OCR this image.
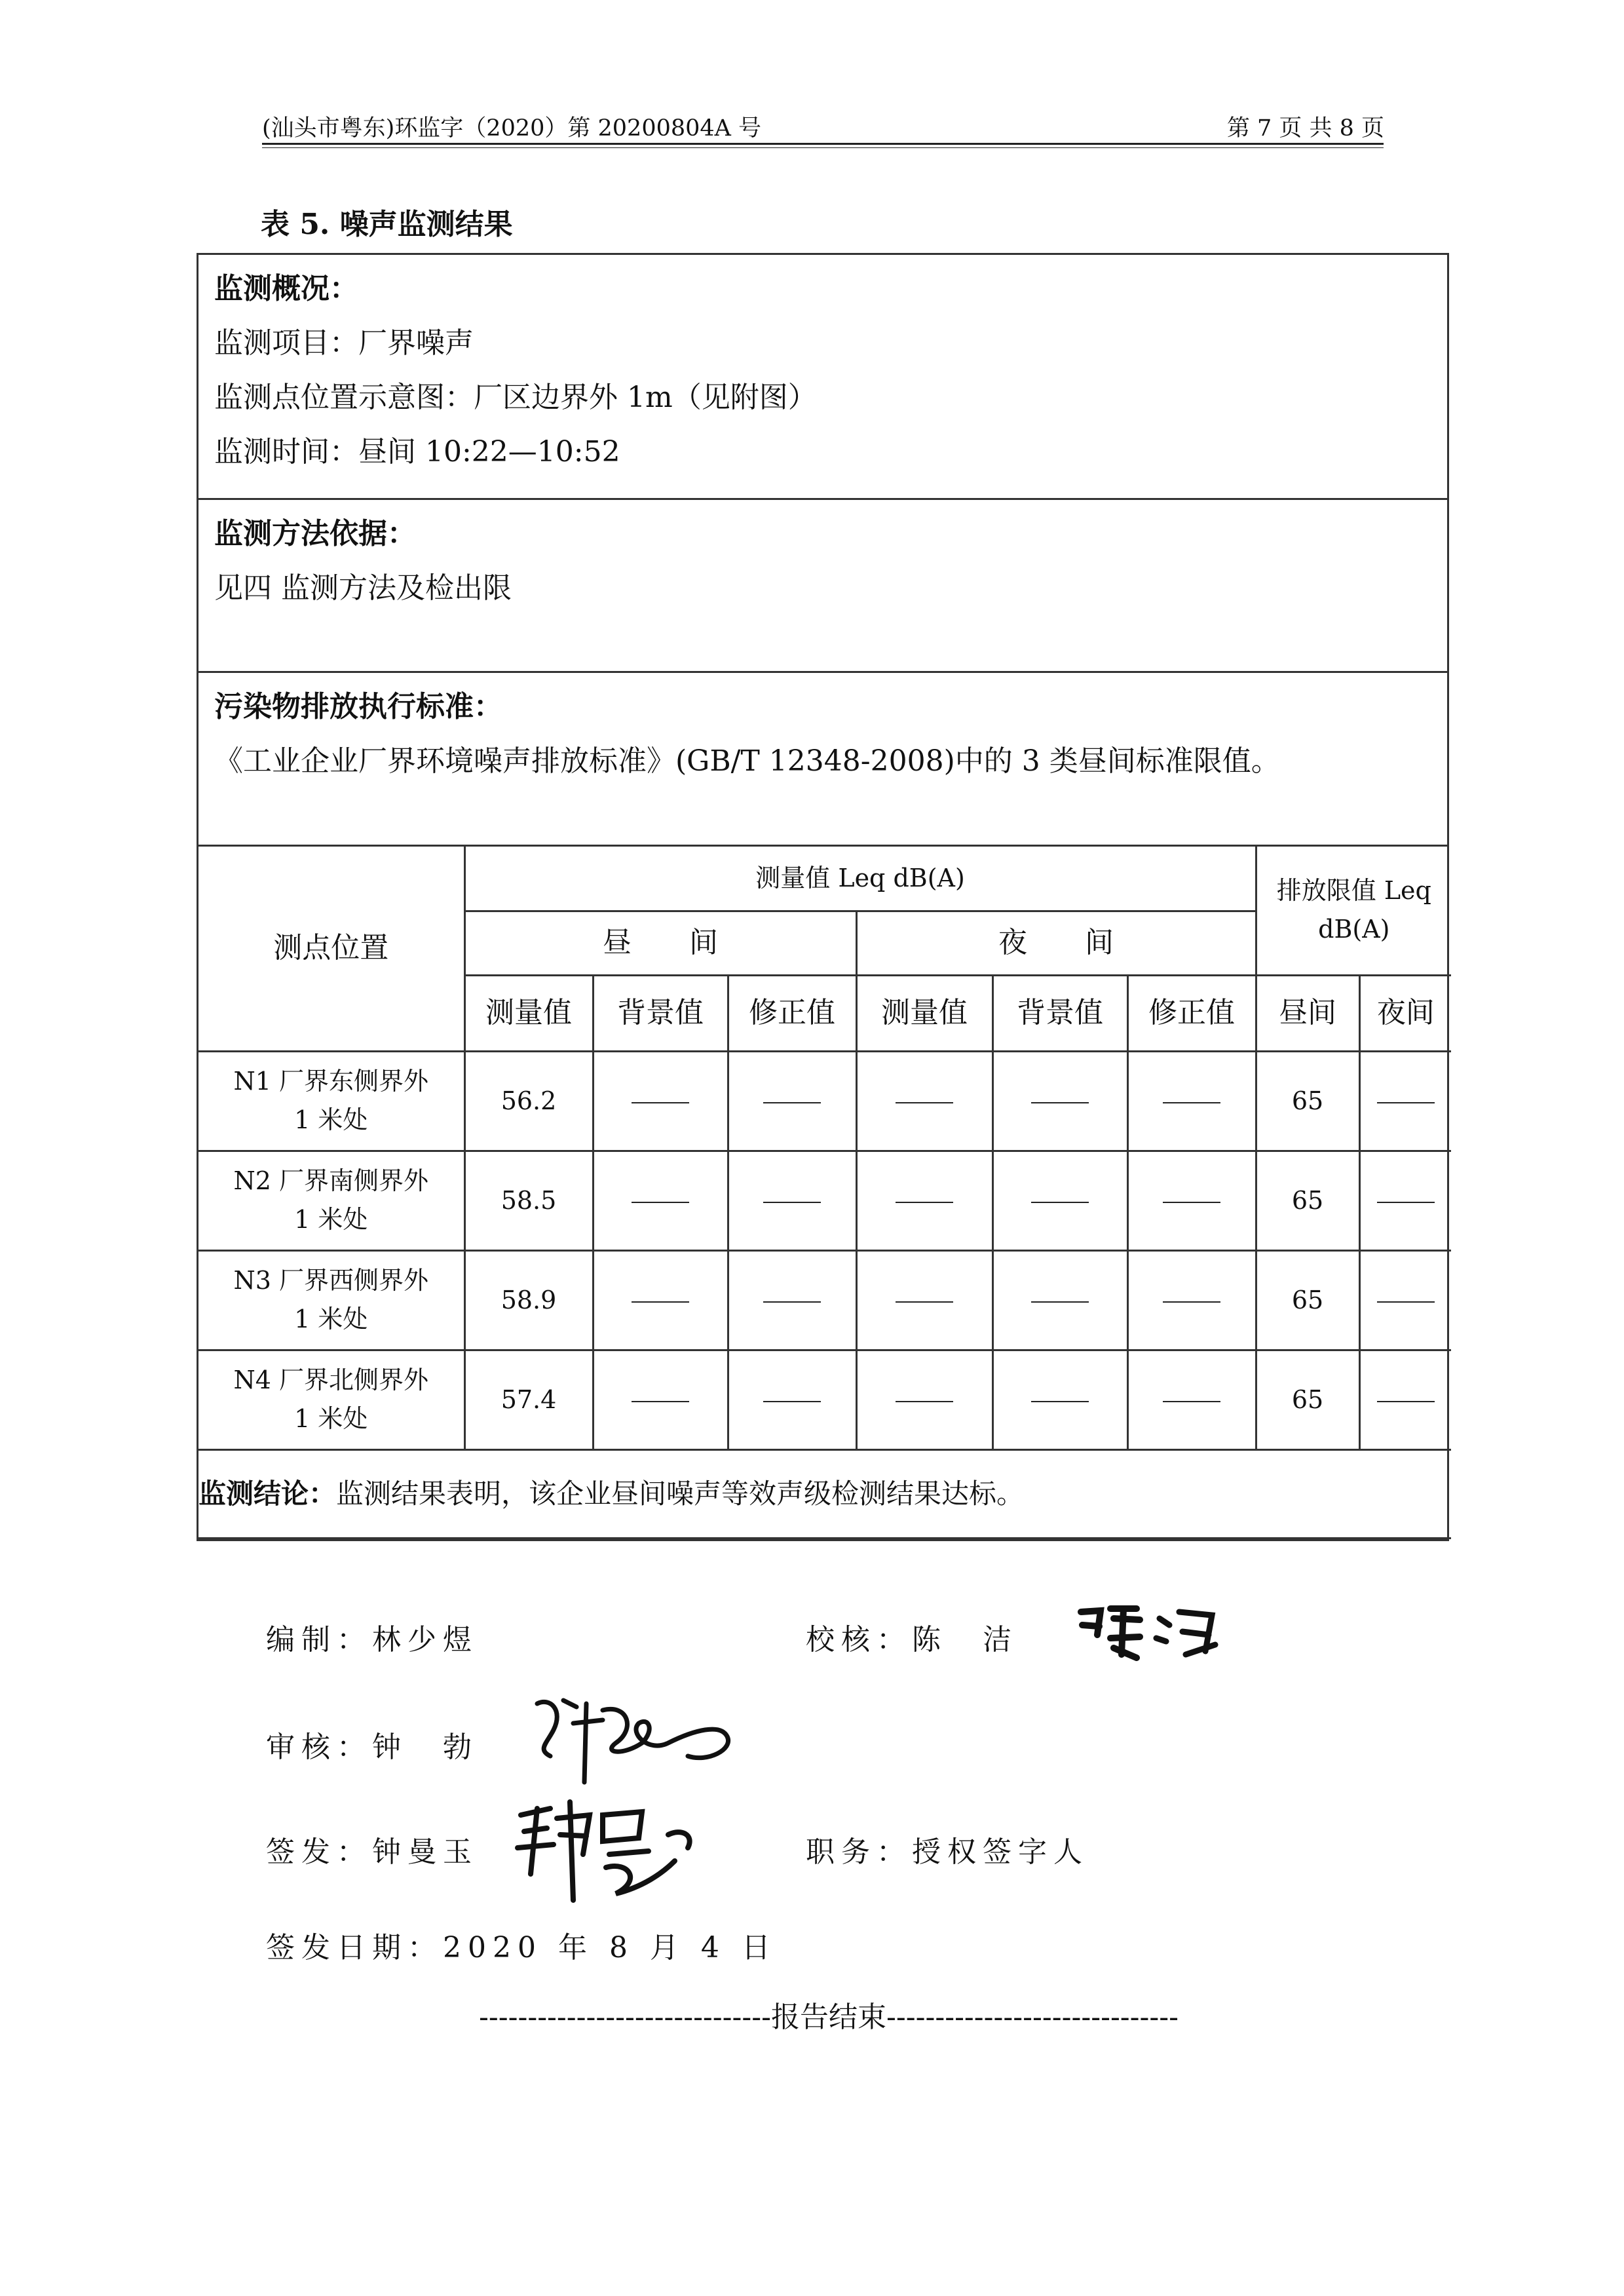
(汕头市粤东)环监字（2020）第 20200804A 号	第 7 页 共 8 页
表 5. 噪声监测结果
监测概况：
监测项目：厂界噪声
监测点位置示意图：厂区边界外 1m（见附图）
监测时间：昼间 10:22—10:52
监测方法依据：
见四 监测方法及检出限
污染物排放执行标准：
《工业企业厂界环境噪声排放标准》(GB/T 12348-2008)中的 3 类昼间标准限值。
测点位置	测量值 Leq dB(A)						排放限值 Leq dB(A)	
	昼　　间			夜　　间				
	测量值	背景值	修正值	测量值	背景值	修正值	昼间	夜间
N1 厂界东侧界外
1 米处	56.2						65	
N2 厂界南侧界外
1 米处	58.5						65	
N3 厂界西侧界外
1 米处	58.9						65	
N4 厂界北侧界外
1 米处	57.4						65	
监测结论：监测结果表明，该企业昼间噪声等效声级检测结果达标。								
编制：林少煜	校核：陈　洁
审核：钟　勃
签发：钟曼玉	职务：授权签字人
签发日期：2020 年 8 月 4 日
------------------------------报告结束------------------------------
